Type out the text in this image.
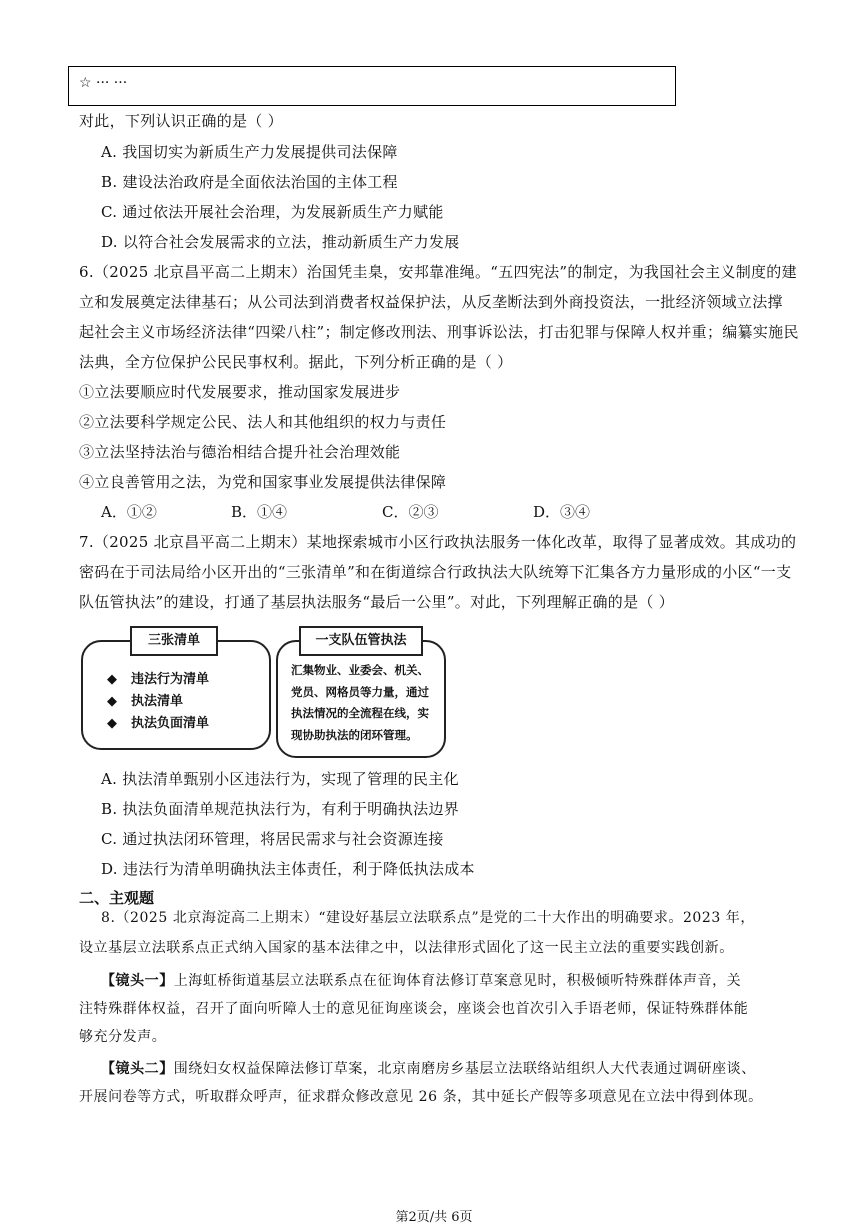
☆ ··· ···
对此，下列认识正确的是（ ）
A. 我国切实为新质生产力发展提供司法保障
B. 建设法治政府是全面依法治国的主体工程
C. 通过依法开展社会治理，为发展新质生产力赋能
D. 以符合社会发展需求的立法，推动新质生产力发展
6.（2025 北京昌平高二上期末）治国凭圭臬，安邦靠准绳。“五四宪法”的制定，为我国社会主义制度的建
立和发展奠定法律基石；从公司法到消费者权益保护法，从反垄断法到外商投资法，一批经济领域立法撑
起社会主义市场经济法律“四梁八柱”；制定修改刑法、刑事诉讼法，打击犯罪与保障人权并重；编纂实施民
法典，全方位保护公民民事权利。据此，下列分析正确的是（ ）
①立法要顺应时代发展要求，推动国家发展进步
②立法要科学规定公民、法人和其他组织的权力与责任
③立法坚持法治与德治相结合提升社会治理效能
④立良善管用之法，为党和国家事业发展提供法律保障
A．①②	B．①④	C．②③	D．③④
7.（2025 北京昌平高二上期末）某地探索城市小区行政执法服务一体化改革，取得了显著成效。其成功的
密码在于司法局给小区开出的“三张清单”和在街道综合行政执法大队统筹下汇集各方力量形成的小区“一支
队伍管执法”的建设，打通了基层执法服务“最后一公里”。对此，下列理解正确的是（ ）
三张清单
◆ 违法行为清单
◆ 执法清单
◆ 执法负面清单
一支队伍管执法
汇集物业、业委会、机关、
党员、网格员等力量，通过
执法情况的全流程在线，实
现协助执法的闭环管理。
A. 执法清单甄别小区违法行为，实现了管理的民主化
B. 执法负面清单规范执法行为，有利于明确执法边界
C. 通过执法闭环管理，将居民需求与社会资源连接
D. 违法行为清单明确执法主体责任，利于降低执法成本
二、主观题
8.（2025 北京海淀高二上期末）“建设好基层立法联系点”是党的二十大作出的明确要求。2023 年，
设立基层立法联系点正式纳入国家的基本法律之中，以法律形式固化了这一民主立法的重要实践创新。
【镜头一】上海虹桥街道基层立法联系点在征询体育法修订草案意见时，积极倾听特殊群体声音，关
注特殊群体权益，召开了面向听障人士的意见征询座谈会，座谈会也首次引入手语老师，保证特殊群体能
够充分发声。
【镜头二】围绕妇女权益保障法修订草案，北京南磨房乡基层立法联络站组织人大代表通过调研座谈、
开展问卷等方式，听取群众呼声，征求群众修改意见 26 条，其中延长产假等多项意见在立法中得到体现。
第2页/共 6页
